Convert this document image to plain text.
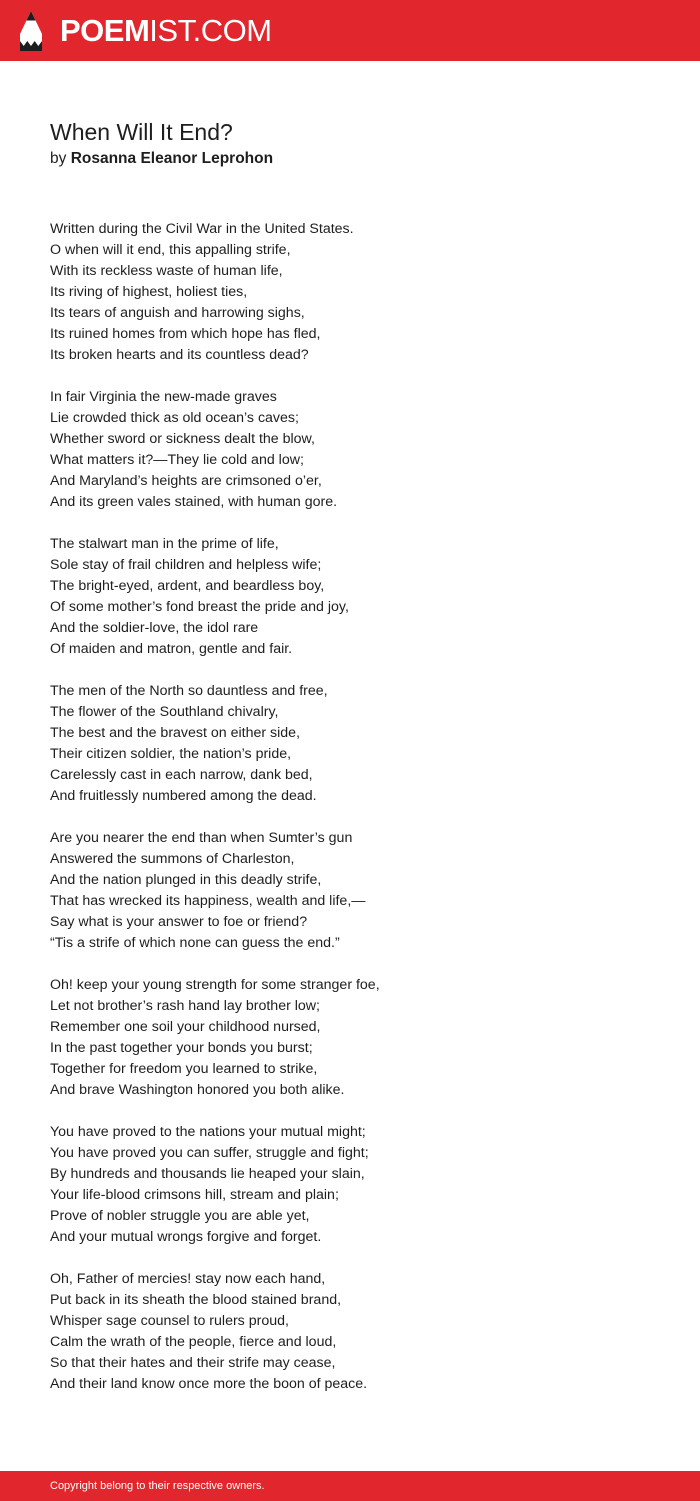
POEMIST.COM
When Will It End?
by Rosanna Eleanor Leprohon
Written during the Civil War in the United States.
O when will it end, this appalling strife,
With its reckless waste of human life,
Its riving of highest, holiest ties,
Its tears of anguish and harrowing sighs,
Its ruined homes from which hope has fled,
Its broken hearts and its countless dead?
In fair Virginia the new-made graves
Lie crowded thick as old ocean’s caves;
Whether sword or sickness dealt the blow,
What matters it?—They lie cold and low;
And Maryland’s heights are crimsoned o’er,
And its green vales stained, with human gore.
The stalwart man in the prime of life,
Sole stay of frail children and helpless wife;
The bright-eyed, ardent, and beardless boy,
Of some mother’s fond breast the pride and joy,
And the soldier-love, the idol rare
Of maiden and matron, gentle and fair.
The men of the North so dauntless and free,
The flower of the Southland chivalry,
The best and the bravest on either side,
Their citizen soldier, the nation’s pride,
Carelessly cast in each narrow, dank bed,
And fruitlessly numbered among the dead.
Are you nearer the end than when Sumter’s gun
Answered the summons of Charleston,
And the nation plunged in this deadly strife,
That has wrecked its happiness, wealth and life,—
Say what is your answer to foe or friend?
“Tis a strife of which none can guess the end.”
Oh! keep your young strength for some stranger foe,
Let not brother’s rash hand lay brother low;
Remember one soil your childhood nursed,
In the past together your bonds you burst;
Together for freedom you learned to strike,
And brave Washington honored you both alike.
You have proved to the nations your mutual might;
You have proved you can suffer, struggle and fight;
By hundreds and thousands lie heaped your slain,
Your life-blood crimsons hill, stream and plain;
Prove of nobler struggle you are able yet,
And your mutual wrongs forgive and forget.
Oh, Father of mercies! stay now each hand,
Put back in its sheath the blood stained brand,
Whisper sage counsel to rulers proud,
Calm the wrath of the people, fierce and loud,
So that their hates and their strife may cease,
And their land know once more the boon of peace.
Copyright belong to their respective owners.
